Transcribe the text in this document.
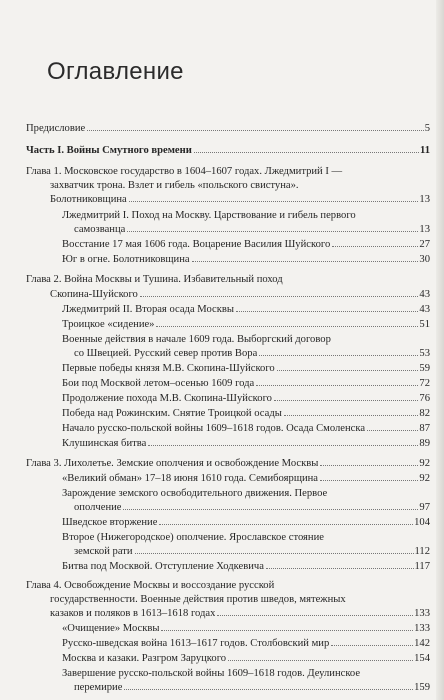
Оглавление
Предисловие	5
Часть I. Войны Смутного времени	11
Глава 1. Московское государство в 1604–1607 годах. Лжедмитрий I —
захватчик трона. Взлет и гибель «польского свистуна».
Болотниковщина	13
Лжедмитрий I. Поход на Москву. Царствование и гибель первого
самозванца	13
Восстание 17 мая 1606 года. Воцарение Василия Шуйского	27
Юг в огне. Болотниковщина	30
Глава 2. Война Москвы и Тушина. Избавительный поход
Скопина-Шуйского	43
Лжедмитрий II. Вторая осада Москвы	43
Троицкое «сидение»	51
Военные действия в начале 1609 года. Выборгский договор
со Швецией. Русский север против Вора	53
Первые победы князя М.В. Скопина-Шуйского	59
Бои под Москвой летом–осенью 1609 года	72
Продолжение похода М.В. Скопина-Шуйского	76
Победа над Рожинским. Снятие Троицкой осады	82
Начало русско-польской войны 1609–1618 годов. Осада Смоленска	87
Клушинская битва	89
Глава 3. Лихолетье. Земские ополчения и освобождение Москвы	92
«Великий обман» 17–18 июня 1610 года. Семибоярщина	92
Зарождение земского освободительного движения. Первое
ополчение	97
Шведское вторжение	104
Второе (Нижегородское) ополчение. Ярославское стояние
земской рати	112
Битва под Москвой. Отступление Ходкевича	117
Глава 4. Освобождение Москвы и воссоздание русской
государственности. Военные действия против шведов, мятежных
казаков и поляков в 1613–1618 годах	133
«Очищение» Москвы	133
Русско-шведская война 1613–1617 годов. Столбовский мир	142
Москва и казаки. Разгром Заруцкого	154
Завершение русско-польской войны 1609–1618 годов. Деулинское
перемирие	159
